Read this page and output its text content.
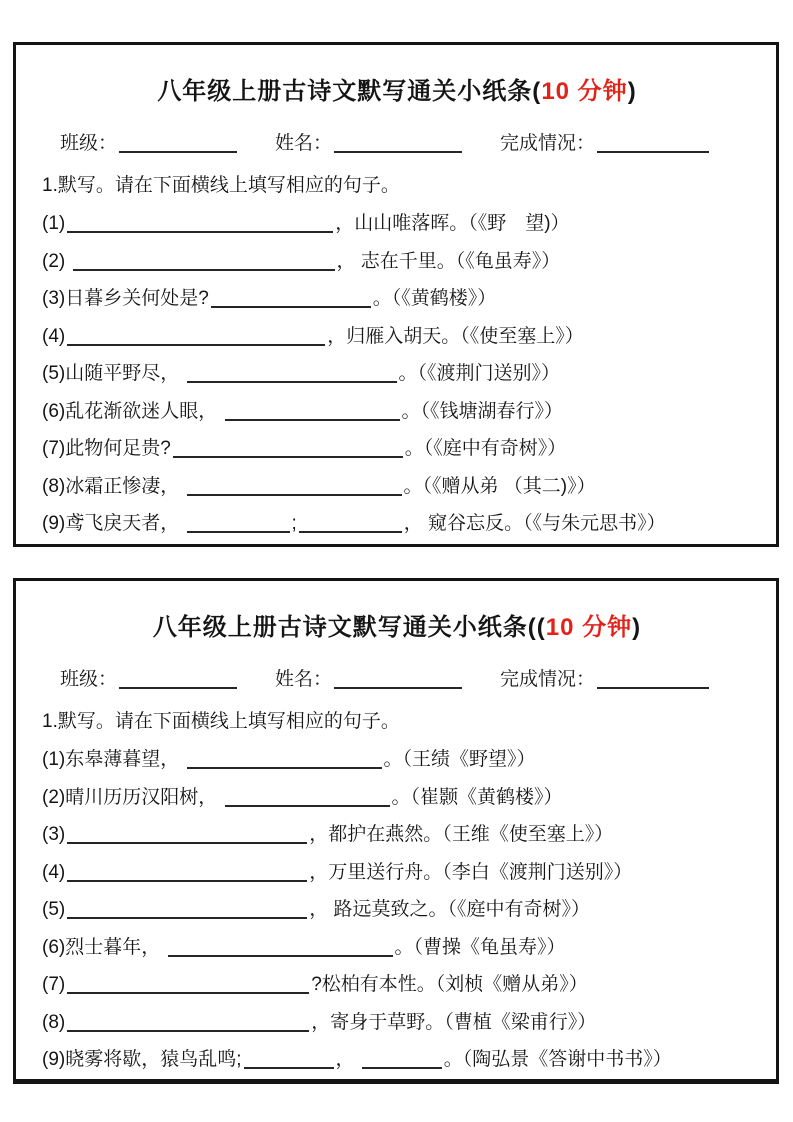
八年级上册古诗文默写通关小纸条(10 分钟)
班级：	姓名：	完成情况：
1.默写。请在下面横线上填写相应的句子。
(1)	，山山唯落晖。（《野　望)）
(2)	， 志在千里。（《龟虽寿》）
(3)日暮乡关何处是?	。（《黄鹤楼》）
(4)	，归雁入胡天。（《使至塞上》）
(5)山随平野尽，	。（《渡荆门送别》）
(6)乱花渐欲迷人眼，	。（《钱塘湖春行》）
(7)此物何足贵?	。（《庭中有奇树》）
(8)冰霜正惨凄，	。（《赠从弟 （其二)》）
(9)鸢飞戾天者，	;	， 窥谷忘反。（《与朱元思书》）
八年级上册古诗文默写通关小纸条((10 分钟)
班级：	姓名：	完成情况：
1.默写。请在下面横线上填写相应的句子。
(1)东皋薄暮望，	。（王绩《野望》）
(2)晴川历历汉阳树，	。（崔颢《黄鹤楼》）
(3)	，都护在燕然。（王维《使至塞上》）
(4)	，万里送行舟。（李白《渡荆门送别》）
(5)	， 路远莫致之。（《庭中有奇树》）
(6)烈士暮年，	。（曹操《龟虽寿》）
(7)	?松柏有本性。（刘桢《赠从弟》）
(8)	，寄身于草野。（曹植《梁甫行》）
(9)晓雾将歇，猿鸟乱鸣;	，	。（陶弘景《答谢中书书》）
